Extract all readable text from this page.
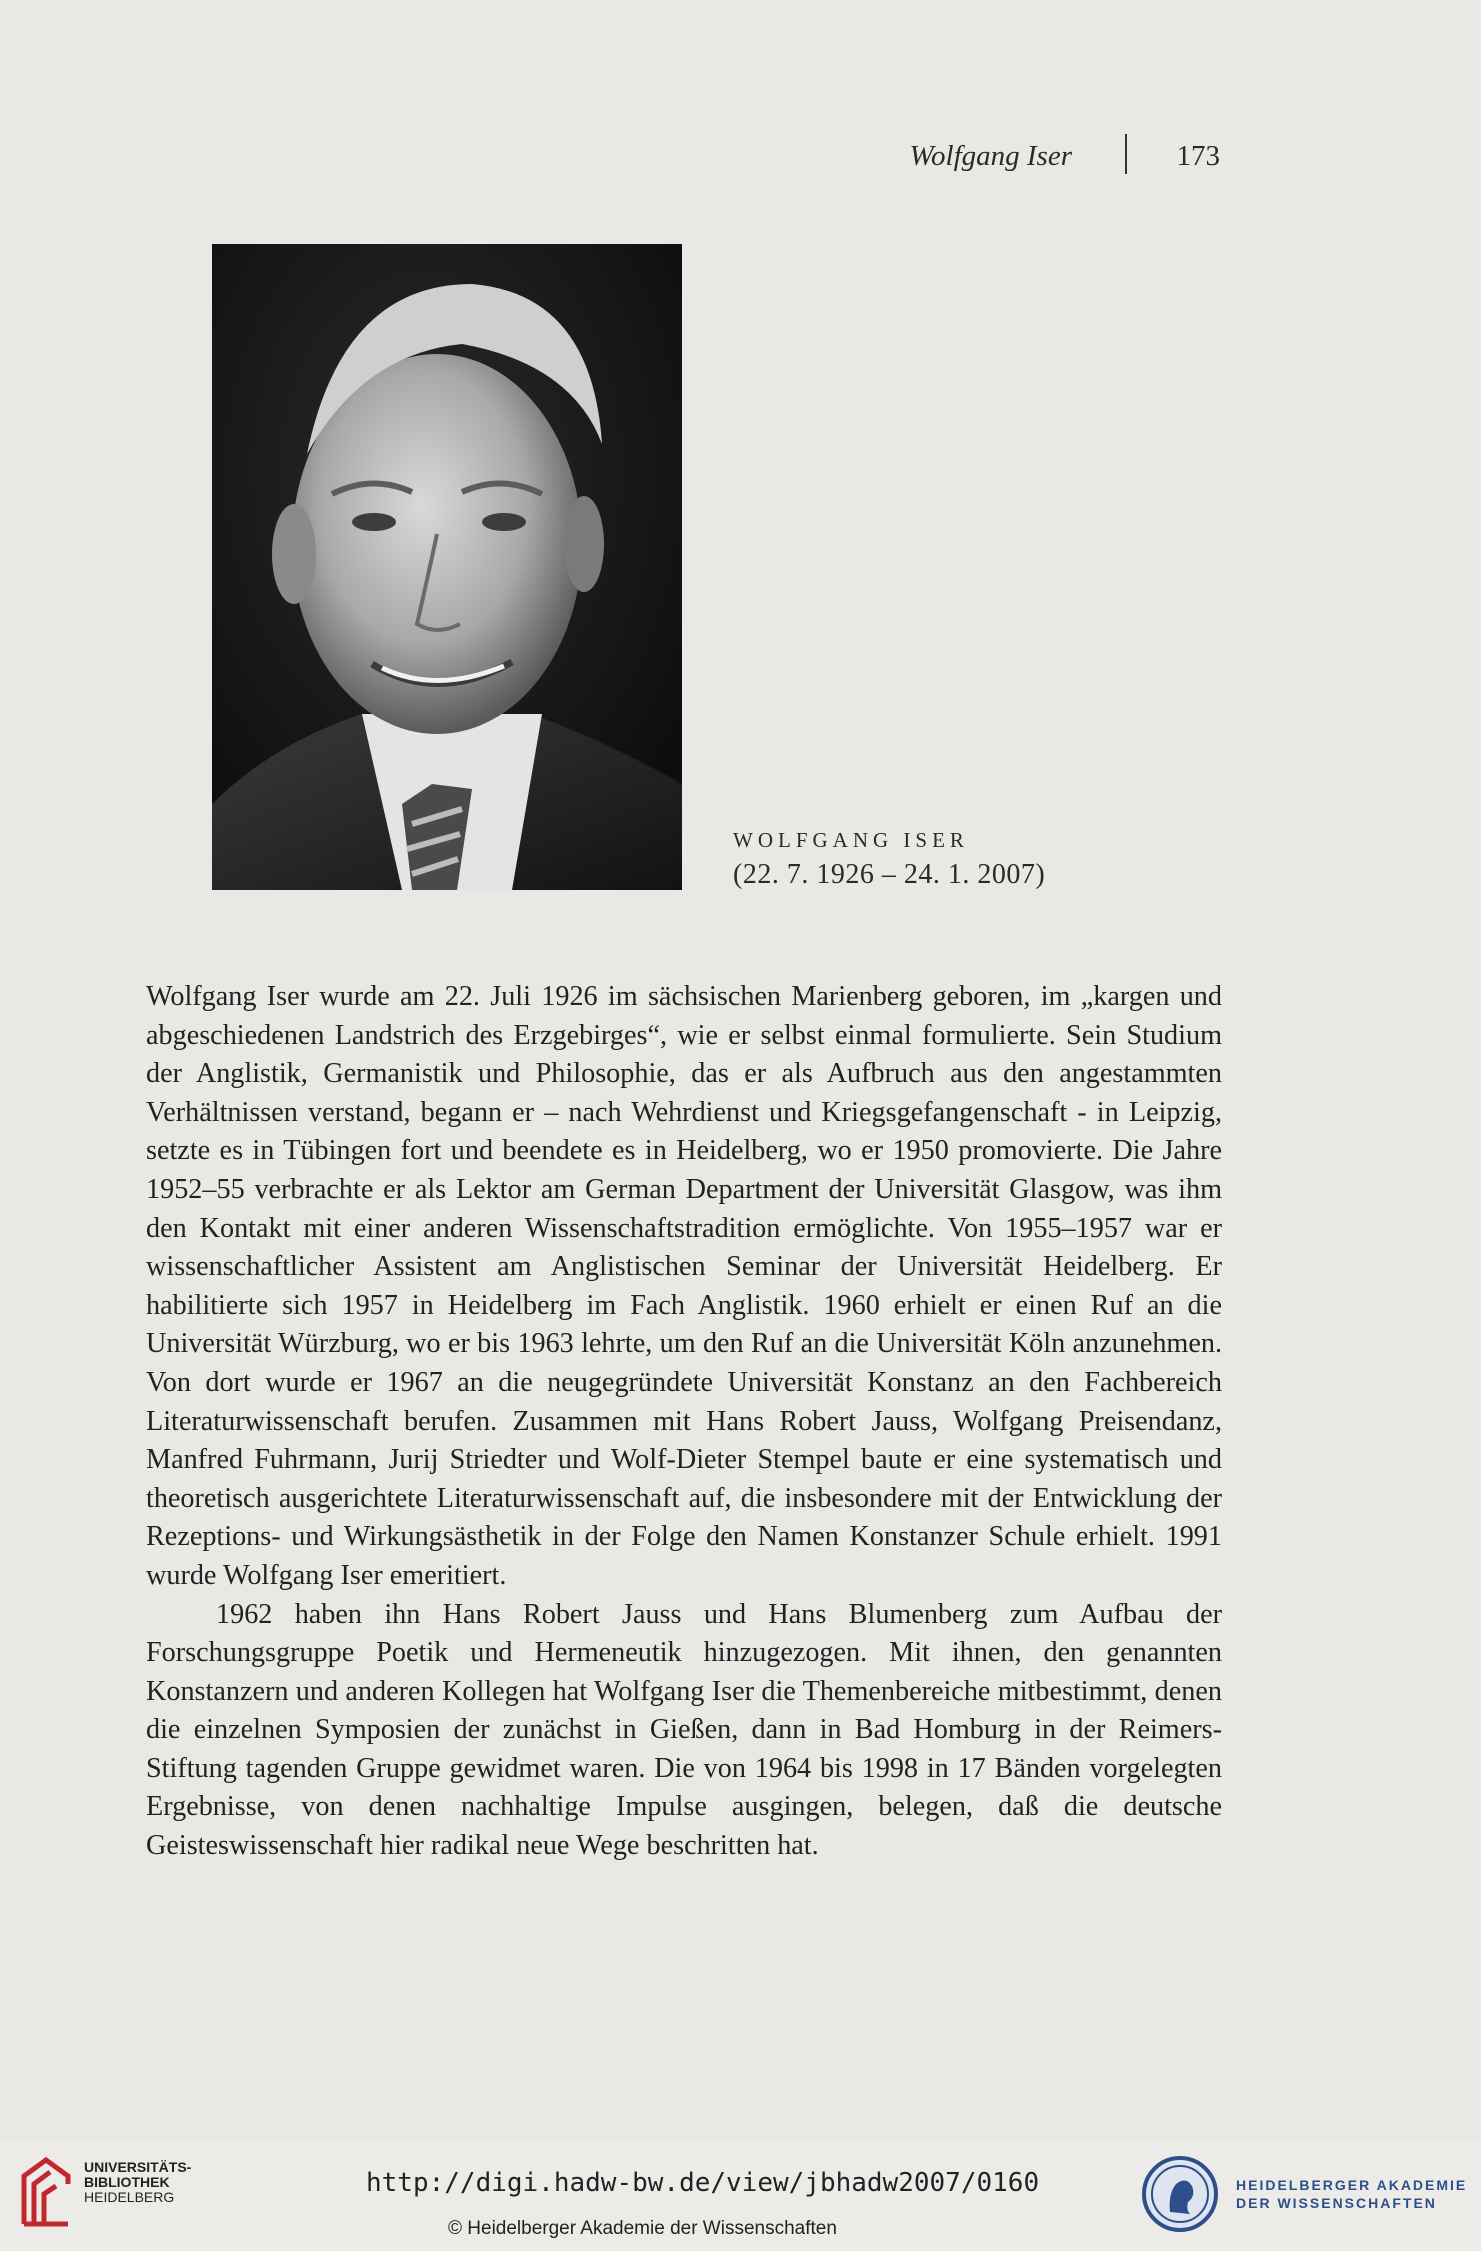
Wolfgang Iser	173
WOLFGANG ISER
(22. 7. 1926 – 24. 1. 2007)

Wolfgang Iser wurde am 22. Juli 1926 im sächsischen Marienberg geboren, im „kargen und abgeschiedenen Landstrich des Erzgebirges“, wie er selbst einmal formulierte. Sein Studium der Anglistik, Germanistik und Philosophie, das er als Aufbruch aus den angestammten Verhältnissen verstand, begann er – nach Wehrdienst und Kriegsgefangenschaft - in Leipzig, setzte es in Tübingen fort und beendete es in Heidelberg, wo er 1950 promovierte. Die Jahre 1952–55 verbrachte er als Lektor am German Department der Universität Glasgow, was ihm den Kontakt mit einer anderen Wissenschaftstradition ermöglichte. Von 1955–1957 war er wissenschaftlicher Assistent am Anglistischen Seminar der Universität Heidelberg. Er habilitierte sich 1957 in Heidelberg im Fach Anglistik. 1960 erhielt er einen Ruf an die Universität Würzburg, wo er bis 1963 lehrte, um den Ruf an die Universität Köln anzunehmen. Von dort wurde er 1967 an die neugegründete Universität Konstanz an den Fachbereich Literaturwissenschaft berufen. Zusammen mit Hans Robert Jauss, Wolfgang Preisendanz, Manfred Fuhrmann, Jurij Striedter und Wolf-Dieter Stempel baute er eine systematisch und theoretisch ausgerichtete Literaturwissenschaft auf, die insbesondere mit der Entwicklung der Rezeptions- und Wirkungsästhetik in der Folge den Namen Konstanzer Schule erhielt. 1991 wurde Wolfgang Iser emeritiert.

1962 haben ihn Hans Robert Jauss und Hans Blumenberg zum Aufbau der Forschungsgruppe Poetik und Hermeneutik hinzugezogen. Mit ihnen, den genannten Konstanzern und anderen Kollegen hat Wolfgang Iser die Themenbereiche mitbestimmt, denen die einzelnen Symposien der zunächst in Gießen, dann in Bad Homburg in der Reimers-Stiftung tagenden Gruppe gewidmet waren. Die von 1964 bis 1998 in 17 Bänden vorgelegten Ergebnisse, von denen nachhaltige Impulse ausgingen, belegen, daß die deutsche Geisteswissenschaft hier radikal neue Wege beschritten hat.

UNIVERSITÄTS-
BIBLIOTHEK
HEIDELBERG	http://digi.hadw-bw.de/view/jbhadw2007/0160
© Heidelberger Akademie der Wissenschaften
HEIDELBERGER AKADEMIE
DER WISSENSCHAFTEN
